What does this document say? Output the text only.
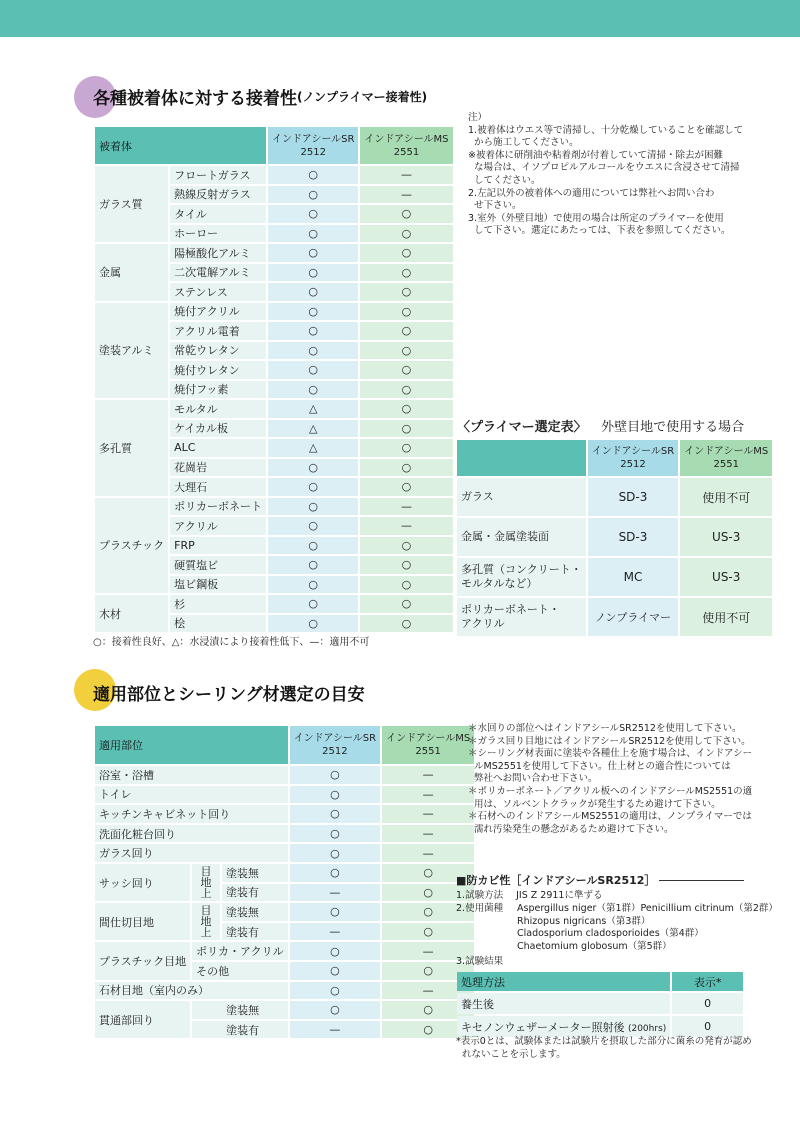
各種被着体に対する接着性 (ノンプライマー接着性)
被着体		インドアシールSR
2512	インドアシールMS
2551
ガラス質	フロートガラス	○	—
	熱線反射ガラス	○	—
	タイル	○	○
	ホーロー	○	○
金属	陽極酸化アルミ	○	○
	二次電解アルミ	○	○
	ステンレス	○	○
塗装アルミ	焼付アクリル	○	○
	アクリル電着	○	○
	常乾ウレタン	○	○
	焼付ウレタン	○	○
	焼付フッ素	○	○
多孔質	モルタル	△	○
	ケイカル板	△	○
	ALC	△	○
	花崗岩	○	○
	大理石	○	○
プラスチック	ポリカーボネート	○	—
	アクリル	○	—
	FRP	○	○
	硬質塩ビ	○	○
	塩ビ鋼板	○	○
木材	杉	○	○
	桧	○	○
○：接着性良好、△：水浸漬により接着性低下、—：適用不可
注）
1.被着体はウエス等で清掃し、十分乾燥していることを確認して
から施工してください。
※被着体に研削油や粘着剤が付着していて清掃・除去が困難
な場合は、イソプロピルアルコールをウエスに含浸させて清掃
してください。
2.左記以外の被着体への適用については弊社へお問い合わ
せ下さい。
3.室外（外壁目地）で使用の場合は所定のプライマーを使用
して下さい。選定にあたっては、下表を参照してください。
〈プライマー選定表〉 外壁目地で使用する場合
	インドアシールSR
2512	インドアシールMS
2551
ガラス	SD-3	使用不可
金属・金属塗装面	SD-3	US-3
多孔質（コンクリート・
モルタルなど）	MC	US-3
ポリカーボネート・
アクリル	ノンプライマー	使用不可
適用部位とシーリング材選定の目安
適用部位			インドアシールSR
2512	インドアシールMS
2551
浴室・浴槽			○	—
トイレ			○	—
キッチンキャビネット回り			○	—
洗面化粧台回り			○	—
ガラス回り			○	—
サッシ回り	目
地
上	塗装無	○	○
		塗装有	—	○
間仕切目地	目
地
上	塗装無	○	○
		塗装有	—	○
プラスチック目地	ポリカ・アクリル		○	—
	その他		○	○
石材目地（室内のみ）			○	—
貫通部回り	塗装無		○	○
	塗装有		—	○
＊水回りの部位へはインドアシールSR2512を使用して下さい。
＊ガラス回り目地にはインドアシールSR2512を使用して下さい。
＊シーリング材表面に塗装や各種仕上を施す場合は、インドアシー
ルMS2551を使用して下さい。仕上材との適合性については
弊社へお問い合わせ下さい。
＊ポリカーボネート／アクリル板へのインドアシールMS2551の適
用は、ソルベントクラックが発生するため避けて下さい。
＊石材へのインドアシールMS2551の適用は、ノンプライマーでは
濡れ汚染発生の懸念があるため避けて下さい。
■防カビ性［インドアシールSR2512］
1.試験方法 JIS Z 2911に準ずる
2.使用菌種 Aspergillus niger（第1群）Penicillium citrinum（第2群）
Rhizopus nigricans（第3群）
Cladosporium cladosporioides（第4群）
Chaetomium globosum（第5群）
3.試験結果
処理方法	表示*
養生後	0
キセノンウェザーメーター照射後 (200hrs)	0
*表示0とは、試験体または試験片を摂取した部分に菌糸の発育が認め
れないことを示します。
